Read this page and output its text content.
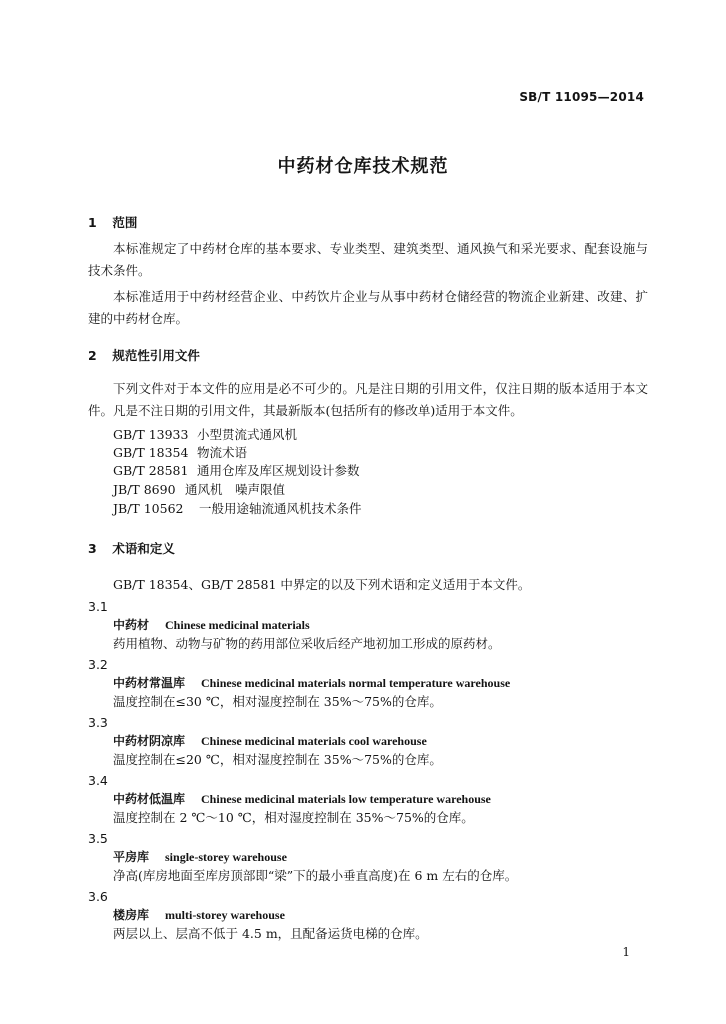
SB/T 11095—2014
中药材仓库技术规范
1 范围

本标准规定了中药材仓库的基本要求、专业类型、建筑类型、通风换气和采光要求、配套设施与技术条件。

本标准适用于中药材经营企业、中药饮片企业与从事中药材仓储经营的物流企业新建、改建、扩建的中药材仓库。

2 规范性引用文件

下列文件对于本文件的应用是必不可少的。凡是注日期的引用文件，仅注日期的版本适用于本文件。凡是不注日期的引用文件，其最新版本(包括所有的修改单)适用于本文件。

GB/T 13933 小型贯流式通风机
GB/T 18354 物流术语
GB/T 28581 通用仓库及库区规划设计参数
JB/T 8690 通风机　噪声限值
JB/T 10562 一般用途轴流通风机技术条件
3 术语和定义
GB/T 18354、GB/T 28581 中界定的以及下列术语和定义适用于本文件。
3.1
中药材 Chinese medicinal materials
药用植物、动物与矿物的药用部位采收后经产地初加工形成的原药材。
3.2
中药材常温库 Chinese medicinal materials normal temperature warehouse
温度控制在≤30 ℃，相对湿度控制在 35%～75%的仓库。
3.3
中药材阴凉库 Chinese medicinal materials cool warehouse
温度控制在≤20 ℃，相对湿度控制在 35%～75%的仓库。
3.4
中药材低温库 Chinese medicinal materials low temperature warehouse
温度控制在 2 ℃～10 ℃，相对湿度控制在 35%～75%的仓库。
3.5
平房库 single-storey warehouse
净高(库房地面至库房顶部即“梁”下的最小垂直高度)在 6 m 左右的仓库。
3.6
楼房库 multi-storey warehouse
两层以上、层高不低于 4.5 m，且配备运货电梯的仓库。
1
